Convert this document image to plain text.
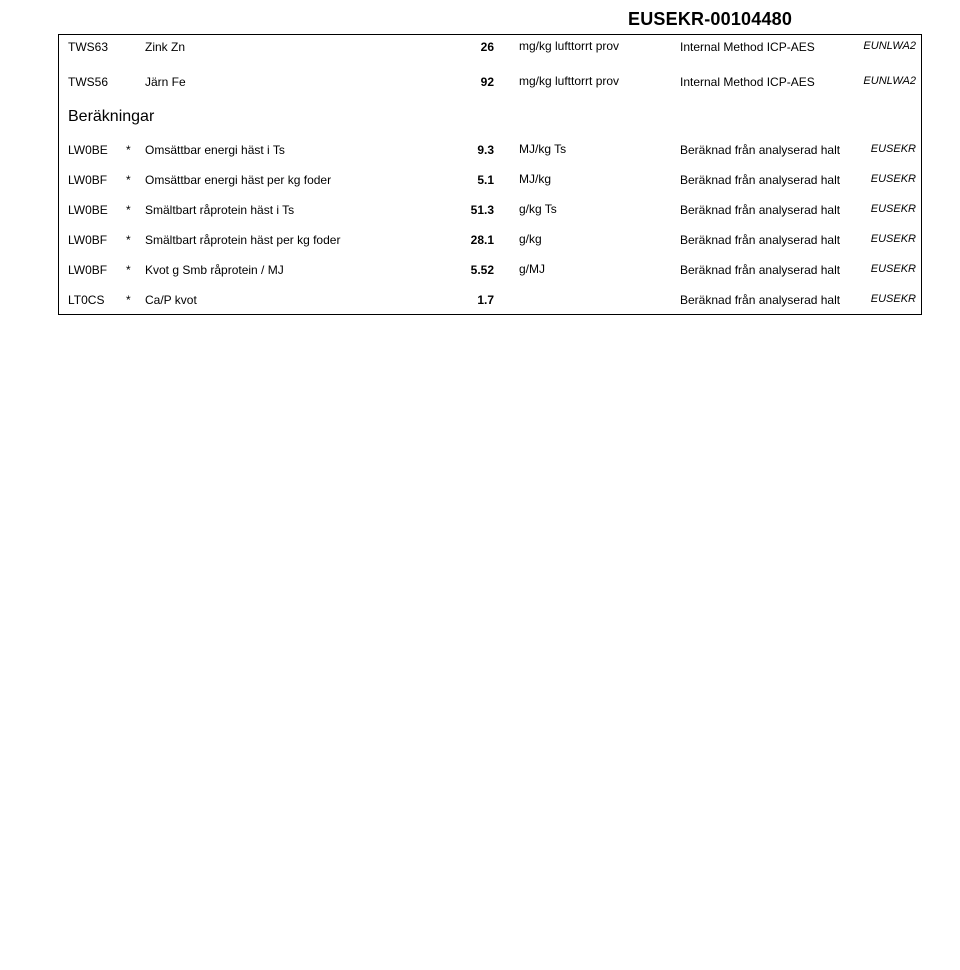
EUSEKR-00104480
TWS63	Zink Zn	26 mg/kg lufttorrt prov	Internal Method ICP-AES	EUNLWA2
TWS56	Järn Fe	92 mg/kg lufttorrt prov	Internal Method ICP-AES	EUNLWA2
Beräkningar
LW0BE * Omsättbar energi häst i Ts	9.3 MJ/kg Ts	Beräknad från analyserad halt	EUSEKR
LW0BF * Omsättbar energi häst per kg foder	5.1 MJ/kg	Beräknad från analyserad halt	EUSEKR
LW0BE * Smältbart råprotein häst i Ts	51.3 g/kg Ts	Beräknad från analyserad halt	EUSEKR
LW0BF * Smältbart råprotein häst per kg foder	28.1 g/kg	Beräknad från analyserad halt	EUSEKR
LW0BF * Kvot g Smb råprotein / MJ	5.52 g/MJ	Beräknad från analyserad halt	EUSEKR
LT0CS * Ca/P kvot	1.7	Beräknad från analyserad halt	EUSEKR
